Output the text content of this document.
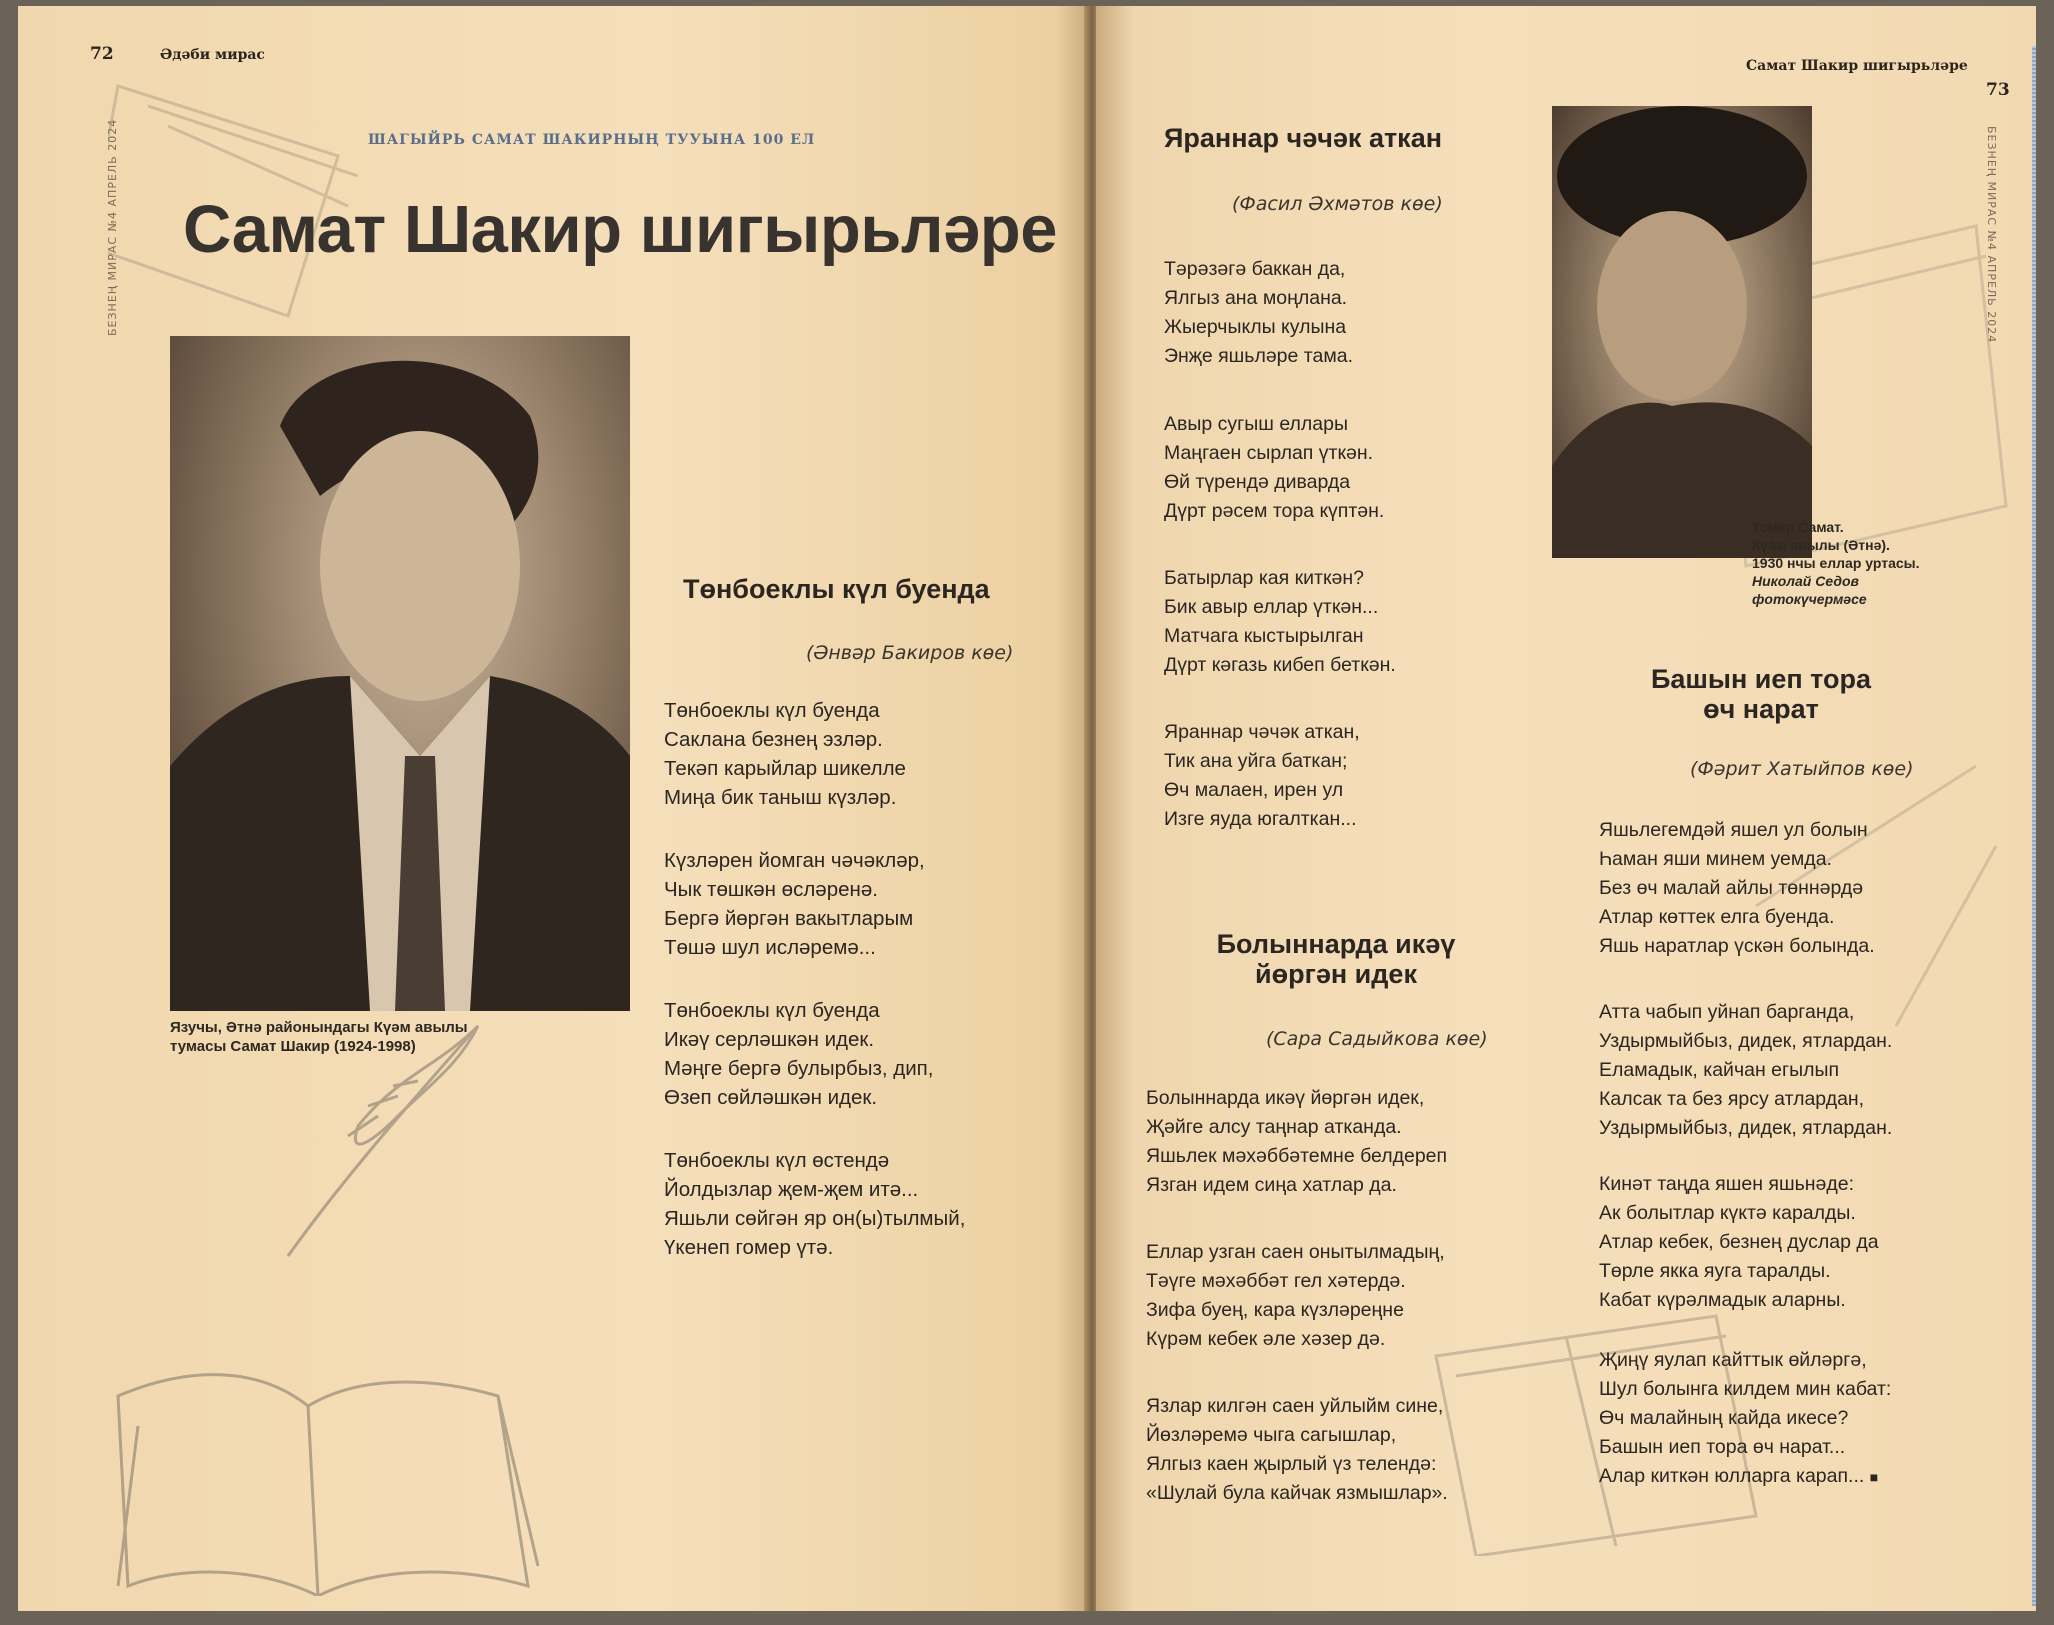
72	Әдәби мирас
БЕЗНЕҢ МИРАС №4 АПРЕЛЬ 2024	ШАГЫЙРЬ САМАТ ШАКИРНЫҢ ТУУЫНА 100 ЕЛ
Самат Шакир шигырьләре
Язучы, Әтнә районындагы Күәм авылы
тумасы Самат Шакир (1924-1998)
Төнбоеклы күл буенда
(Әнвәр Бакиров көе)
Төнбоеклы күл буенда
Саклана безнең эзләр.
Текәп карыйлар шикелле
Миңа бик таныш күзләр.
Күзләрен йомган чәчәкләр,
Чык төшкән өсләренә.
Бергә йөргән вакытларым
Төшә шул исләремә...
Төнбоеклы күл буенда
Икәү серләшкән идек.
Мәңге бергә булырбыз, дип,
Өзеп сөйләшкән идек.
Төнбоеклы күл өстендә
Йолдызлар җем-җем итә...
Яшьли сөйгән яр он(ы)тылмый,
Үкенеп гомер үтә.
Самат Шакир шигырьләре
73
БЕЗНЕҢ МИРАС №4 АПРЕЛЬ 2024
Үсмер Самат.
Күәм авылы (Әтнә).
1930 нчы еллар уртасы.
Николай Седов
фотокүчермәсе
Яраннар чәчәк аткан
(Фасил Әхмәтов көе)
Тәрәзәгә баккан да,
Ялгыз ана моңлана.
Жыерчыклы кулына
Энҗе яшьләре тама.
Авыр сугыш еллары
Маңгаен сырлап үткән.
Өй түрендә диварда
Дүрт рәсем тора күптән.
Батырлар кая киткән?
Бик авыр еллар үткән...
Матчага кыстырылган
Дүрт кәгазь кибеп беткән.
Яраннар чәчәк аткан,
Тик ана уйга баткан;
Өч малаен, ирен ул
Изге яуда югалткан...
Болыннарда икәү
йөргән идек
(Сара Садыйкова көе)
Болыннарда икәү йөргән идек,
Җәйге алсу таңнар атканда.
Яшьлек мәхәббәтемне белдереп
Язган идем сиңа хатлар да.
Еллар узган саен онытылмадың,
Тәүге мәхәббәт гел хәтердә.
Зифа буең, кара күзләреңне
Күрәм кебек әле хәзер дә.
Язлар килгән саен уйлыйм сине,
Йөзләремә чыга сагышлар,
Ялгыз каен җырлый үз телендә:
«Шулай була кайчак язмышлар».
Башын иеп тора
өч нарат
(Фәрит Хатыйпов көе)
Яшьлегемдәй яшел ул болын
Һаман яши минем уемда.
Без өч малай айлы төннәрдә
Атлар көттек елга буенда.
Яшь наратлар үскән болында.
Атта чабып уйнап барганда,
Уздырмыйбыз, дидек, ятлардан.
Еламадык, кайчан егылып
Калсак та без ярсу атлардан,
Уздырмыйбыз, дидек, ятлардан.
Кинәт таңда яшен яшьнәде:
Ак болытлар күктә каралды.
Атлар кебек, безнең дуслар да
Төрле якка яуга таралды.
Кабат күрәлмадык аларны.
Җиңү яулап кайттык өйләргә,
Шул болынга килдем мин кабат:
Өч малайның кайда икесе?
Башын иеп тора өч нарат...
Алар киткән юлларга карап... ■
